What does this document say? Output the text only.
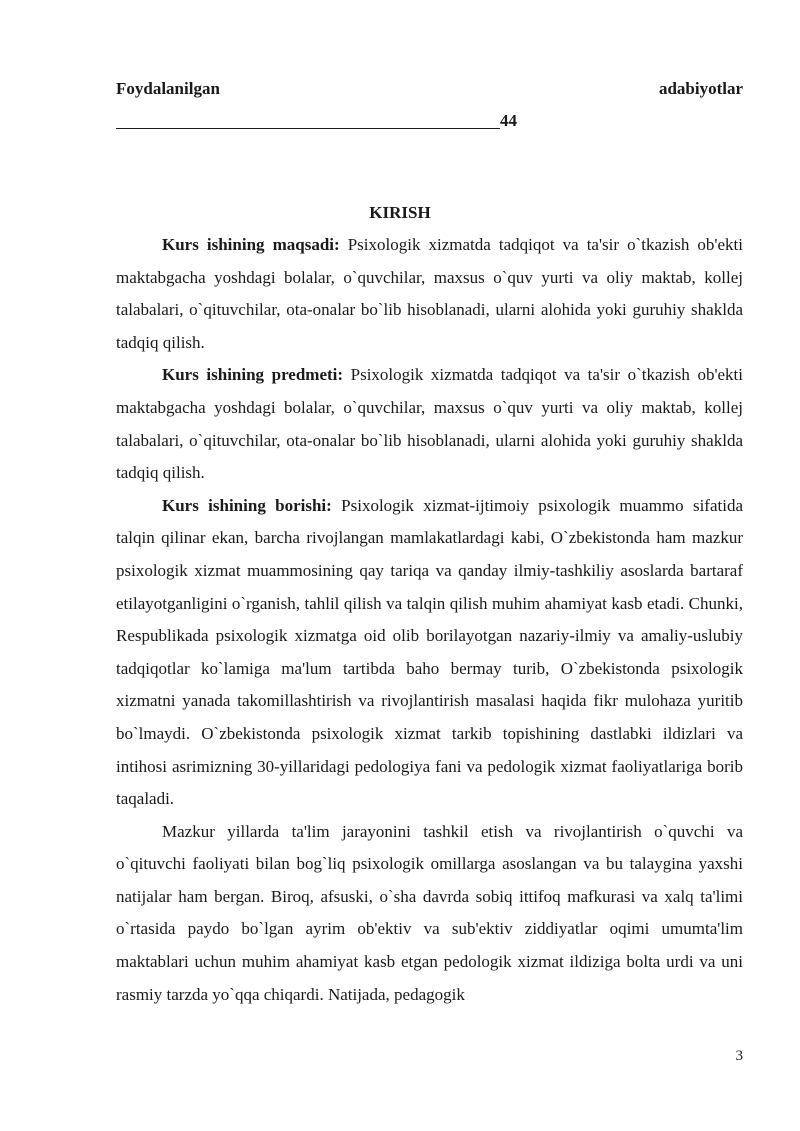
Foydalanilgan	adabiyotlar
44
KIRISH

Kurs ishining maqsadi: Psixologik xizmatda tadqiqot va ta'sir o`tkazish ob'ekti maktabgacha yoshdagi bolalar, o`quvchilar, maxsus o`quv yurti va oliy maktab, kollej talabalari, o`qituvchilar, ota-onalar bo`lib hisoblanadi, ularni alohida yoki guruhiy shaklda tadqiq qilish.

Kurs ishining predmeti: Psixologik xizmatda tadqiqot va ta'sir o`tkazish ob'ekti maktabgacha yoshdagi bolalar, o`quvchilar, maxsus o`quv yurti va oliy maktab, kollej talabalari, o`qituvchilar, ota-onalar bo`lib hisoblanadi, ularni alohida yoki guruhiy shaklda tadqiq qilish.

Kurs ishining borishi: Psixologik xizmat-ijtimoiy psixologik muammo sifatida talqin qilinar ekan, barcha rivojlangan mamlakatlardagi kabi, O`zbekistonda ham mazkur psixologik xizmat muammosining qay tariqa va qanday ilmiy-tashkiliy asoslarda bartaraf etilayotganligini o`rganish, tahlil qilish va talqin qilish muhim ahamiyat kasb etadi. Chunki, Respublikada psixologik xizmatga oid olib borilayotgan nazariy-ilmiy va amaliy-uslubiy tadqiqotlar ko`lamiga ma'lum tartibda baho bermay turib, O`zbekistonda psixologik xizmatni yanada takomillashtirish va rivojlantirish masalasi haqida fikr mulohaza yuritib bo`lmaydi. O`zbekistonda psixologik xizmat tarkib topishining dastlabki ildizlari va intihosi asrimizning 30-yillaridagi pedologiya fani va pedologik xizmat faoliyatlariga borib taqaladi.

Mazkur yillarda ta'lim jarayonini tashkil etish va rivojlantirish o`quvchi va o`qituvchi faoliyati bilan bog`liq psixologik omillarga asoslangan va bu talaygina yaxshi natijalar ham bergan. Biroq, afsuski, o`sha davrda sobiq ittifoq mafkurasi va xalq ta'limi o`rtasida paydo bo`lgan ayrim ob'ektiv va sub'ektiv ziddiyatlar oqimi umumta'lim maktablari uchun muhim ahamiyat kasb etgan pedologik xizmat ildiziga bolta urdi va uni rasmiy tarzda yo`qqa chiqardi. Natijada, pedagogik

3
